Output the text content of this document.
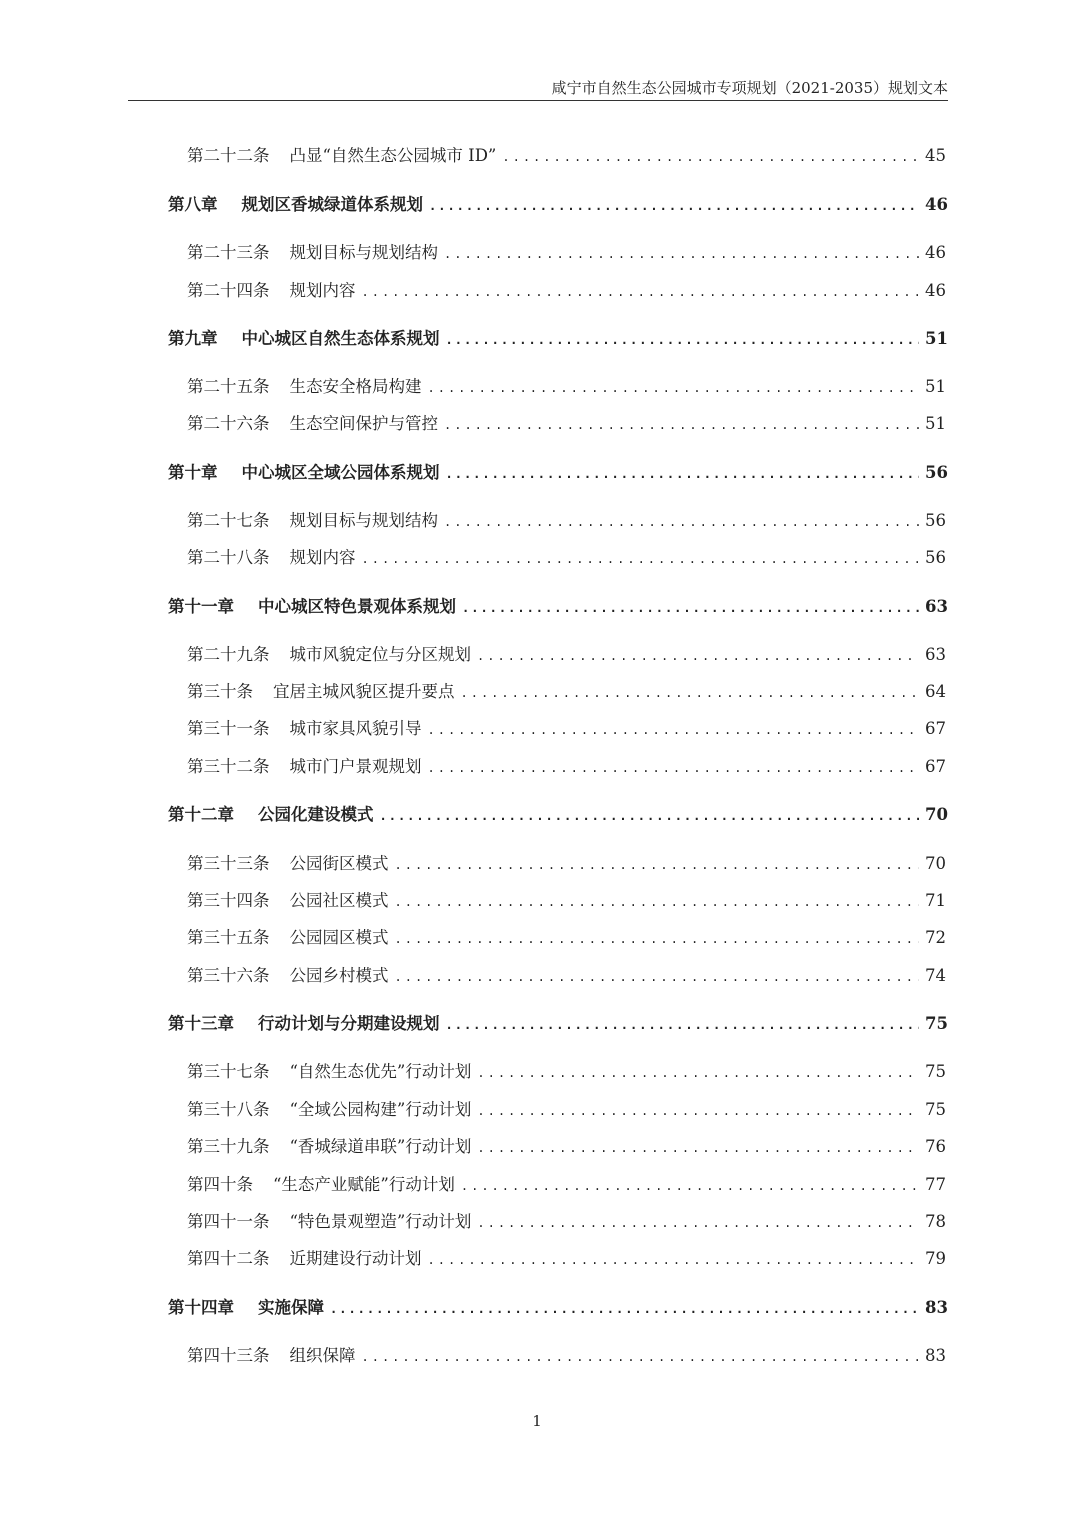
咸宁市自然生态公园城市专项规划（2021-2035）规划文本
第二十二条 凸显“自然生态公园城市 ID” .....	45
第八章 规划区香城绿道体系规划 .....	46
第二十三条 规划目标与规划结构 .....	46
第二十四条 规划内容 .....	46
第九章 中心城区自然生态体系规划 .....	51
第二十五条 生态安全格局构建 .....	51
第二十六条 生态空间保护与管控 .....	51
第十章 中心城区全域公园体系规划 .....	56
第二十七条 规划目标与规划结构 .....	56
第二十八条 规划内容 .....	56
第十一章 中心城区特色景观体系规划 .....	63
第二十九条 城市风貌定位与分区规划 .....	63
第三十条 宜居主城风貌区提升要点 .....	64
第三十一条 城市家具风貌引导 .....	67
第三十二条 城市门户景观规划 .....	67
第十二章 公园化建设模式 .....	70
第三十三条 公园街区模式 .....	70
第三十四条 公园社区模式 .....	71
第三十五条 公园园区模式 .....	72
第三十六条 公园乡村模式 .....	74
第十三章 行动计划与分期建设规划 .....	75
第三十七条 “自然生态优先”行动计划 .....	75
第三十八条 “全域公园构建”行动计划 .....	75
第三十九条 “香城绿道串联”行动计划 .....	76
第四十条 “生态产业赋能”行动计划 .....	77
第四十一条 “特色景观塑造”行动计划 .....	78
第四十二条 近期建设行动计划 .....	79
第十四章 实施保障 .....	83
第四十三条 组织保障 .....	83
1
